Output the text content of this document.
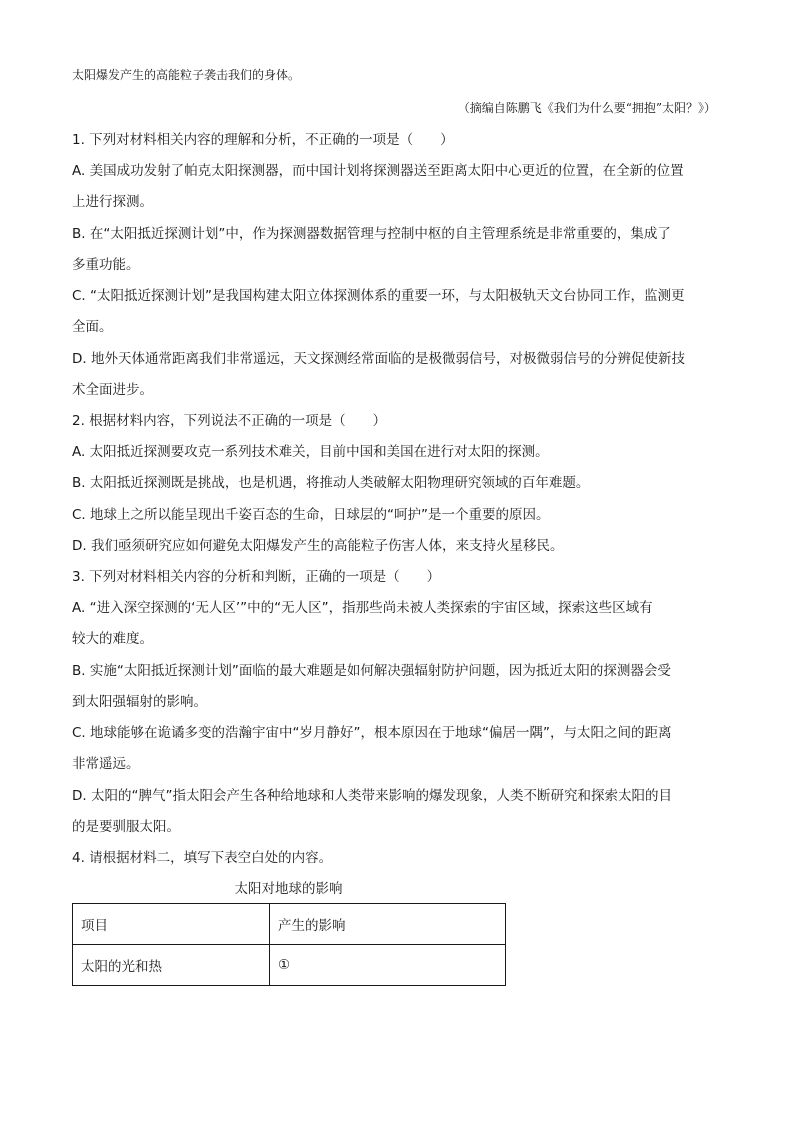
太阳爆发产生的高能粒子袭击我们的身体。
（摘编自陈鹏飞《我们为什么要“拥抱”太阳？》）
1. 下列对材料相关内容的理解和分析，不正确的一项是（　　）
A. 美国成功发射了帕克太阳探测器，而中国计划将探测器送至距离太阳中心更近的位置，在全新的位置
上进行探测。
B. 在“太阳抵近探测计划”中，作为探测器数据管理与控制中枢的自主管理系统是非常重要的，集成了
多重功能。
C. “太阳抵近探测计划”是我国构建太阳立体探测体系的重要一环，与太阳极轨天文台协同工作，监测更
全面。
D. 地外天体通常距离我们非常遥远，天文探测经常面临的是极微弱信号，对极微弱信号的分辨促使新技
术全面进步。
2. 根据材料内容，下列说法不正确的一项是（　　）
A. 太阳抵近探测要攻克一系列技术难关，目前中国和美国在进行对太阳的探测。
B. 太阳抵近探测既是挑战，也是机遇，将推动人类破解太阳物理研究领域的百年难题。
C. 地球上之所以能呈现出千姿百态的生命，日球层的“呵护”是一个重要的原因。
D. 我们亟须研究应如何避免太阳爆发产生的高能粒子伤害人体，来支持火星移民。
3. 下列对材料相关内容的分析和判断，正确的一项是（　　）
A. “进入深空探测的‘无人区’”中的“无人区”，指那些尚未被人类探索的宇宙区域，探索这些区域有
较大的难度。
B. 实施“太阳抵近探测计划”面临的最大难题是如何解决强辐射防护问题，因为抵近太阳的探测器会受
到太阳强辐射的影响。
C. 地球能够在诡谲多变的浩瀚宇宙中“岁月静好”，根本原因在于地球“偏居一隅”，与太阳之间的距离
非常遥远。
D. 太阳的“脾气”指太阳会产生各种给地球和人类带来影响的爆发现象，人类不断研究和探索太阳的目
的是要驯服太阳。
4. 请根据材料二，填写下表空白处的内容。
太阳对地球的影响
项目	产生的影响
太阳的光和热	①
